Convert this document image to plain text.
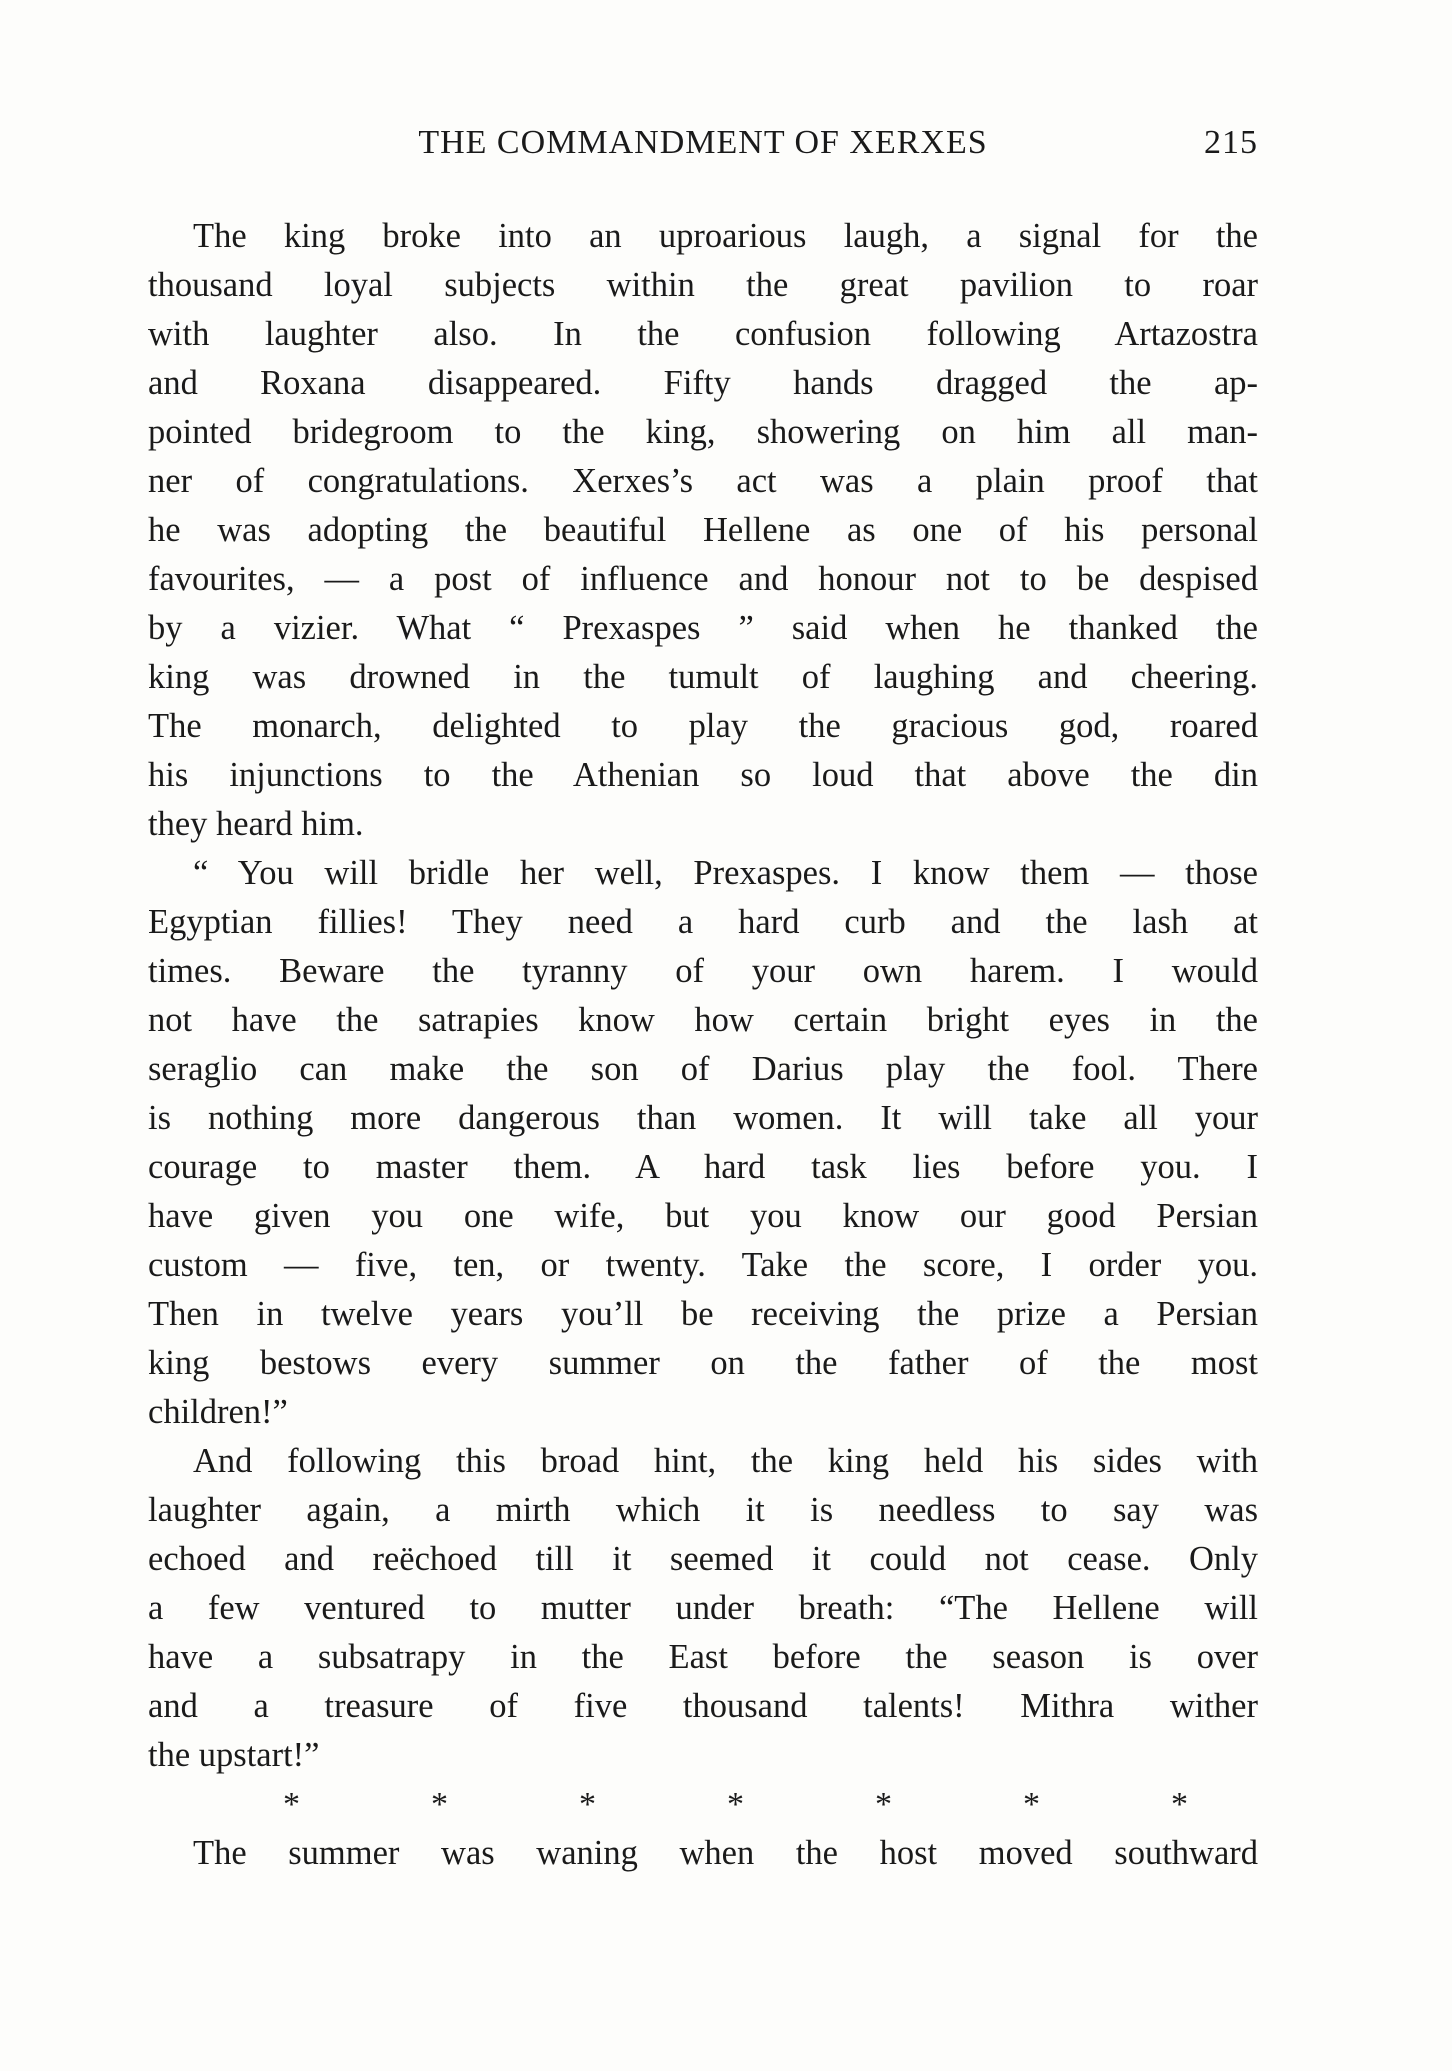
THE COMMANDMENT OF XERXES	215

The king broke into an uproarious laugh, a signal for the
thousand loyal subjects within the great pavilion to roar
with laughter also. In the confusion following Artazostra
and Roxana disappeared. Fifty hands dragged the ap-
pointed bridegroom to the king, showering on him all man-
ner of congratulations. Xerxes’s act was a plain proof that
he was adopting the beautiful Hellene as one of his personal
favourites, — a post of influence and honour not to be despised
by a vizier. What “ Prexaspes ” said when he thanked the
king was drowned in the tumult of laughing and cheering.
The monarch, delighted to play the gracious god, roared
his injunctions to the Athenian so loud that above the din
they heard him.

“ You will bridle her well, Prexaspes. I know them — those
Egyptian fillies! They need a hard curb and the lash at
times. Beware the tyranny of your own harem. I would
not have the satrapies know how certain bright eyes in the
seraglio can make the son of Darius play the fool. There
is nothing more dangerous than women. It will take all your
courage to master them. A hard task lies before you. I
have given you one wife, but you know our good Persian
custom — five, ten, or twenty. Take the score, I order you.
Then in twelve years you’ll be receiving the prize a Persian
king bestows every summer on the father of the most
children!”

And following this broad hint, the king held his sides with
laughter again, a mirth which it is needless to say was
echoed and reëchoed till it seemed it could not cease. Only
a few ventured to mutter under breath: “The Hellene will
have a subsatrapy in the East before the season is over
and a treasure of five thousand talents! Mithra wither
the upstart!”

*	*	*	*	*	*	*

The summer was waning when the host moved southward
